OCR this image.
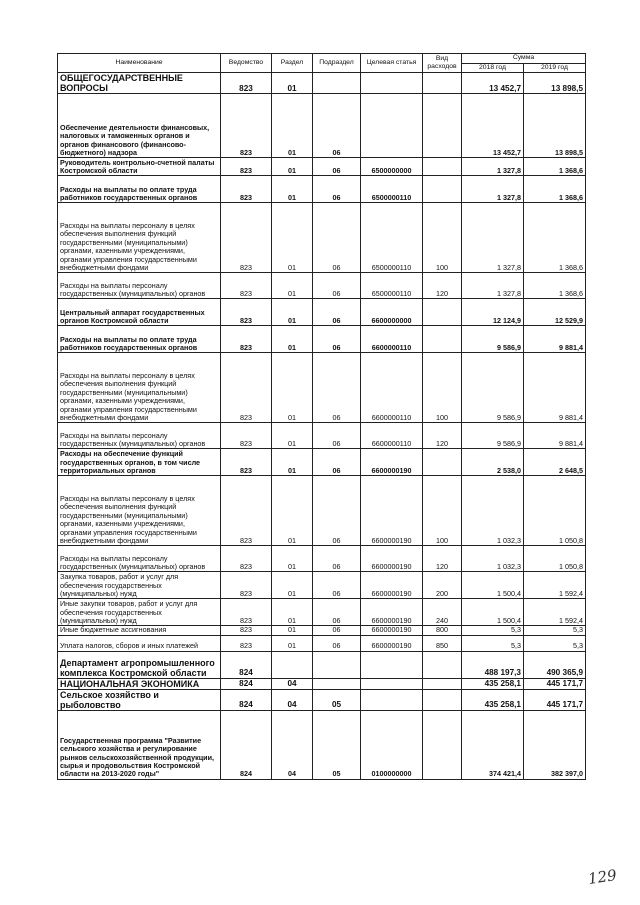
Наименование	Ведомство	Раздел	Подраздел	Целевая статья	Вид расходов	Сумма	
						2018 год	2019 год
ОБЩЕГОСУДАРСТВЕННЫЕ ВОПРОСЫ	823	01				13 452,7	13 898,5
Обеспечение деятельности финансовых, налоговых и таможенных органов и органов финансового (финансово-бюджетного) надзора	823	01	06			13 452,7	13 898,5
Руководитель контрольно-счетной палаты Костромской области	823	01	06	6500000000		1 327,8	1 368,6
Расходы на выплаты по оплате труда работников государственных органов	823	01	06	6500000110		1 327,8	1 368,6
Расходы на выплаты персоналу в целях обеспечения выполнения функций государственными (муниципальными) органами, казенными учреждениями, органами управления государственными внебюджетными фондами	823	01	06	6500000110	100	1 327,8	1 368,6
Расходы на выплаты персоналу государственных (муниципальных) органов	823	01	06	6500000110	120	1 327,8	1 368,6
Центральный аппарат государственных органов Костромской области	823	01	06	6600000000		12 124,9	12 529,9
Расходы на выплаты по оплате труда работников государственных органов	823	01	06	6600000110		9 586,9	9 881,4
Расходы на выплаты персоналу в целях обеспечения выполнения функций государственными (муниципальными) органами, казенными учреждениями, органами управления государственными внебюджетными фондами	823	01	06	6600000110	100	9 586,9	9 881,4
Расходы на выплаты персоналу государственных (муниципальных) органов	823	01	06	6600000110	120	9 586,9	9 881,4
Расходы на обеспечение функций государственных органов, в том числе территориальных органов	823	01	06	6600000190		2 538,0	2 648,5
Расходы на выплаты персоналу в целях обеспечения выполнения функций государственными (муниципальными) органами, казенными учреждениями, органами управления государственными внебюджетными фондами	823	01	06	6600000190	100	1 032,3	1 050,8
Расходы на выплаты персоналу государственных (муниципальных) органов	823	01	06	6600000190	120	1 032,3	1 050,8
Закупка товаров, работ и услуг для обеспечения государственных (муниципальных) нужд	823	01	06	6600000190	200	1 500,4	1 592,4
Иные закупки товаров, работ и услуг для обеспечения государственных (муниципальных) нужд	823	01	06	6600000190	240	1 500,4	1 592,4
Иные бюджетные ассигнования	823	01	06	6600000190	800	5,3	5,3
Уплата налогов, сборов и иных платежей	823	01	06	6600000190	850	5,3	5,3
Департамент агропромышленного комплекса Костромской области	824					488 197,3	490 365,9
НАЦИОНАЛЬНАЯ ЭКОНОМИКА	824	04				435 258,1	445 171,7
Сельское хозяйство и рыболовство	824	04	05			435 258,1	445 171,7
Государственная программа "Развитие сельского хозяйства и регулирование рынков сельскохозяйственной продукции, сырья и продовольствия Костромской области на 2013-2020 годы"	824	04	05	0100000000		374 421,4	382 397,0
129
